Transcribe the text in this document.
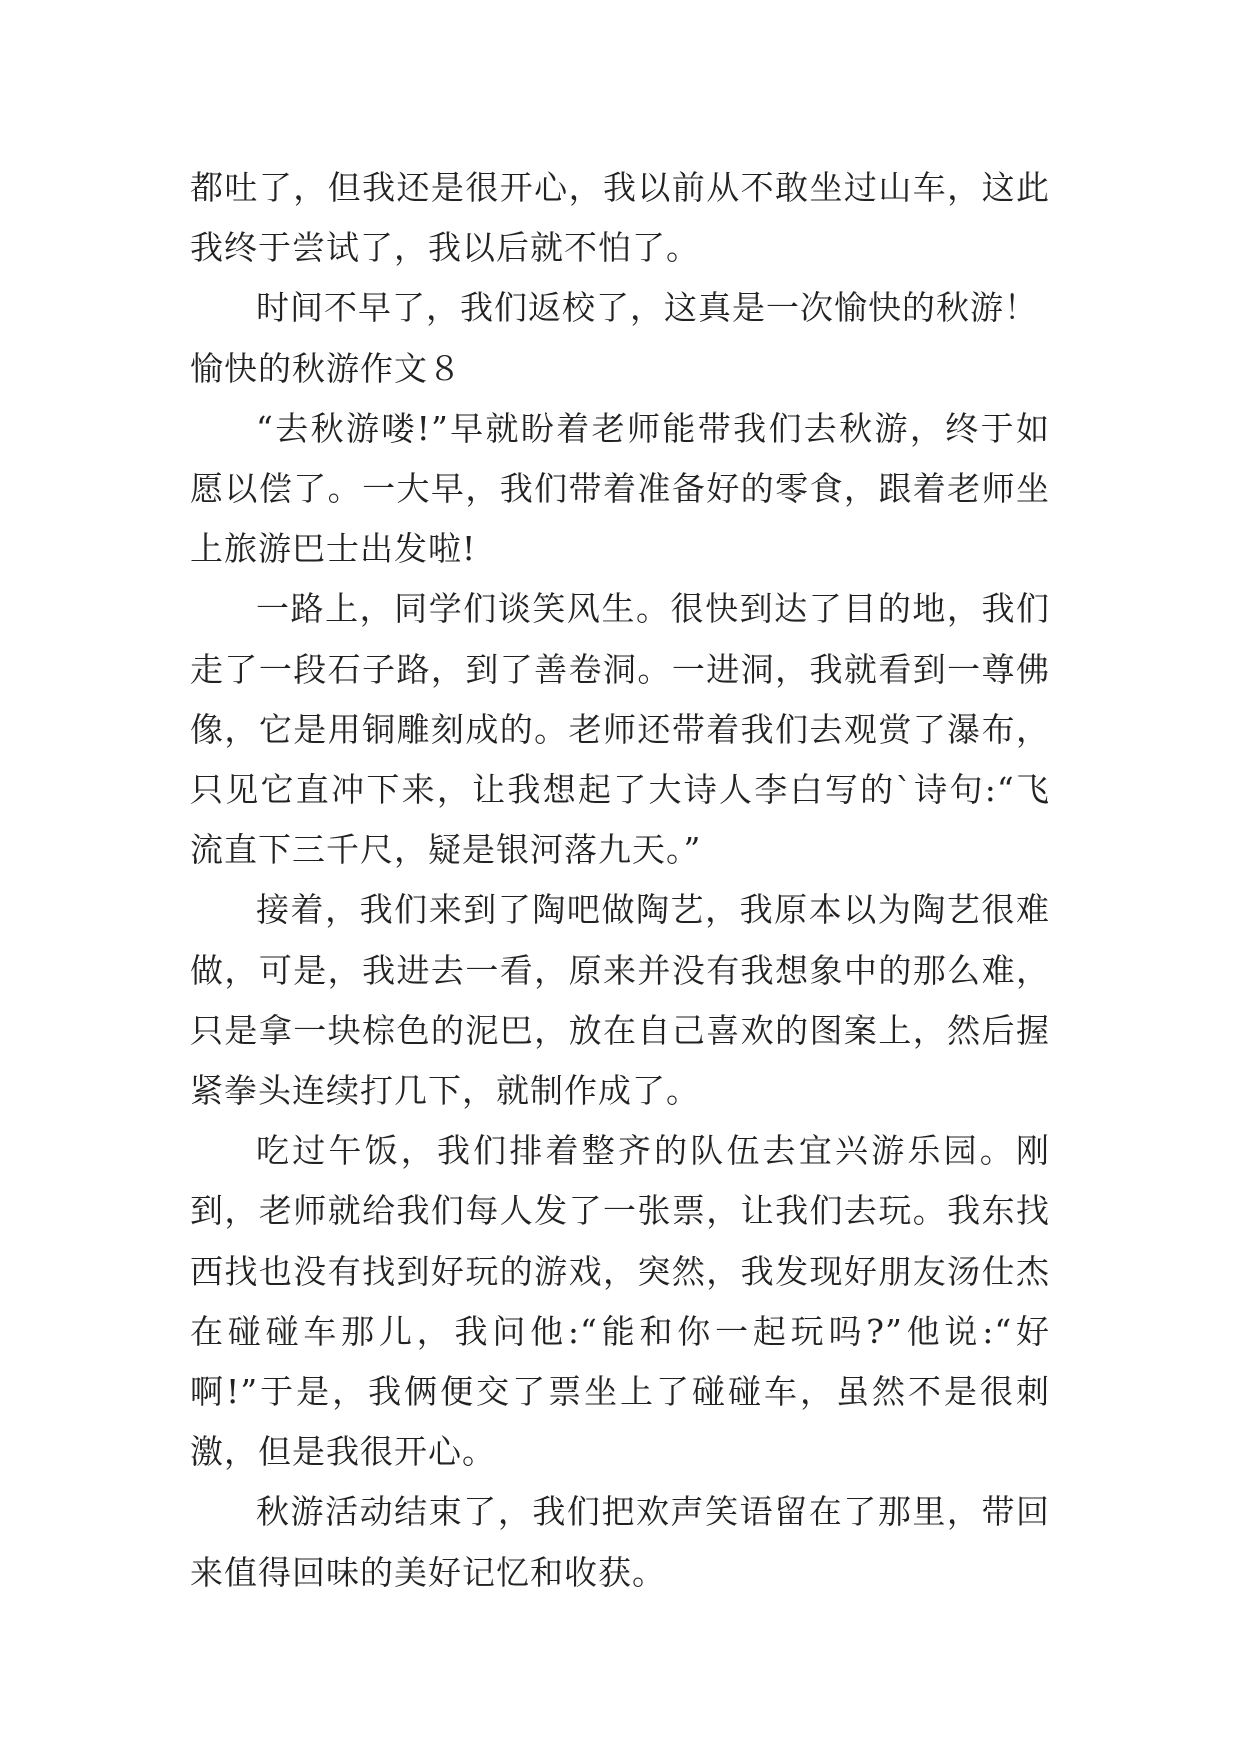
都吐了，但我还是很开心，我以前从不敢坐过山车，这此我终于尝试了，我以后就不怕了。

时间不早了，我们返校了，这真是一次愉快的秋游！

愉快的秋游作文８

“去秋游喽!”早就盼着老师能带我们去秋游，终于如愿以偿了。一大早，我们带着准备好的零食，跟着老师坐上旅游巴士出发啦!

一路上，同学们谈笑风生。很快到达了目的地，我们走了一段石子路，到了善卷洞。一进洞，我就看到一尊佛像，它是用铜雕刻成的。老师还带着我们去观赏了瀑布，只见它直冲下来，让我想起了大诗人李白写的`诗句:“飞流直下三千尺，疑是银河落九天。”

接着，我们来到了陶吧做陶艺，我原本以为陶艺很难做，可是，我进去一看，原来并没有我想象中的那么难，只是拿一块棕色的泥巴，放在自己喜欢的图案上，然后握紧拳头连续打几下，就制作成了。

吃过午饭，我们排着整齐的队伍去宜兴游乐园。刚到，老师就给我们每人发了一张票，让我们去玩。我东找西找也没有找到好玩的游戏，突然，我发现好朋友汤仕杰在碰碰车那儿，我问他:“能和你一起玩吗?”他说:“好啊!”于是，我俩便交了票坐上了碰碰车，虽然不是很刺激，但是我很开心。

秋游活动结束了，我们把欢声笑语留在了那里，带回来值得回味的美好记忆和收获。
